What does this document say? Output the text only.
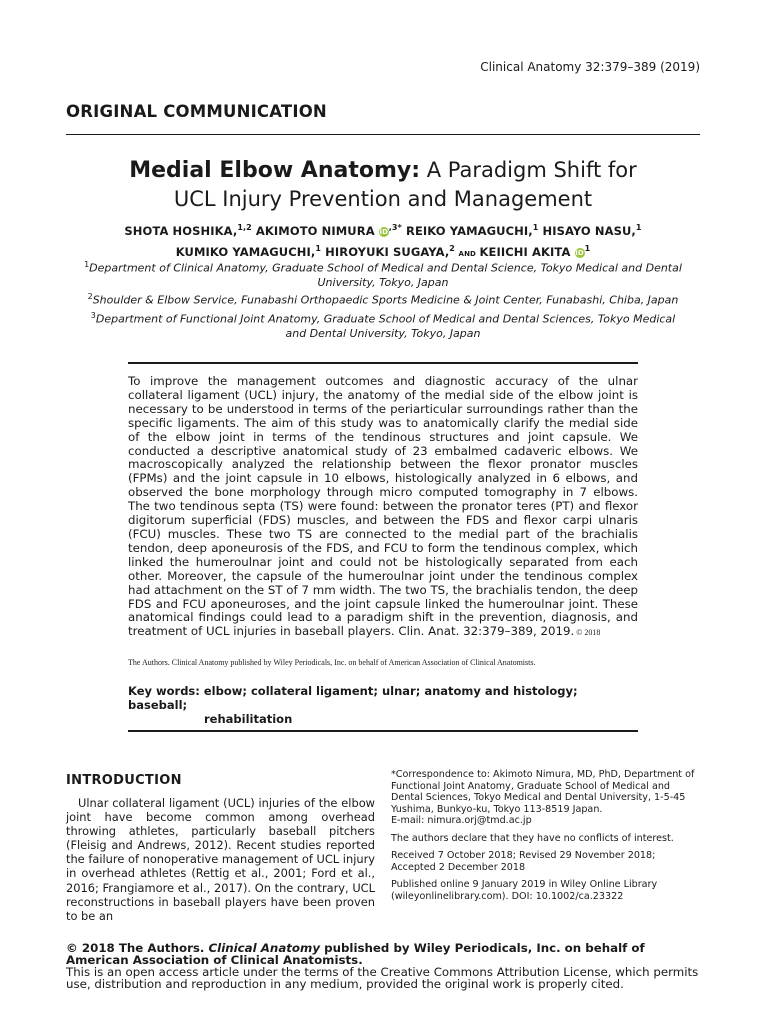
Clinical Anatomy 32:379–389 (2019)
ORIGINAL COMMUNICATION
Medial Elbow Anatomy: A Paradigm Shift for
UCL Injury Prevention and Management
SHOTA HOSHIKA,$^{1,2}$ AKIMOTO NIMURA $iD^{,3*}$ REIKO YAMAGUCHI,$^1$ HISAYO NASU,$^1$
KUMIKO YAMAGUCHI,$^1$ HIROYUKI SUGAYA,$^2$ and KEIICHI AKITA $iD^1$
$^1$Department of Clinical Anatomy, Graduate School of Medical and Dental Science, Tokyo Medical and Dental University, Tokyo, Japan
$^2$Shoulder & Elbow Service, Funabashi Orthopaedic Sports Medicine & Joint Center, Funabashi, Chiba, Japan
$^3$Department of Functional Joint Anatomy, Graduate School of Medical and Dental Sciences, Tokyo Medical and Dental University, Tokyo, Japan
To improve the management outcomes and diagnostic accuracy of the ulnar collateral ligament (UCL) injury, the anatomy of the medial side of the elbow joint is necessary to be understood in terms of the periarticular surroundings rather than the specific ligaments. The aim of this study was to anatomically clarify the medial side of the elbow joint in terms of the tendinous structures and joint capsule. We conducted a descriptive anatomical study of 23 embalmed cadaveric elbows. We macroscopically analyzed the relationship between the flexor pronator muscles (FPMs) and the joint capsule in 10 elbows, histologically analyzed in 6 elbows, and observed the bone morphology through micro computed tomography in 7 elbows. The two tendinous septa (TS) were found: between the pronator teres (PT) and flexor digitorum superficial (FDS) muscles, and between the FDS and flexor carpi ulnaris (FCU) muscles. These two TS are connected to the medial part of the brachialis tendon, deep aponeurosis of the FDS, and FCU to form the tendinous complex, which linked the humeroulnar joint and could not be histologically separated from each other. Moreover, the capsule of the humeroulnar joint under the tendinous complex had attachment on the ST of 7 mm width. The two TS, the brachialis tendon, the deep FDS and FCU aponeuroses, and the joint capsule linked the humeroulnar joint. These anatomical findings could lead to a paradigm shift in the prevention, diagnosis, and treatment of UCL injuries in baseball players. Clin. Anat. 32:379–389, 2019. © 2018
The Authors. Clinical Anatomy published by Wiley Periodicals, Inc. on behalf of American Association of Clinical Anatomists.
Key words: elbow; collateral ligament; ulnar; anatomy and histology; baseball;
rehabilitation
INTRODUCTION
Ulnar collateral ligament (UCL) injuries of the elbow joint have become common among overhead throwing athletes, particularly baseball pitchers (Fleisig and Andrews, 2012). Recent studies reported the failure of nonoperative management of UCL injury in overhead athletes (Rettig et al., 2001; Ford et al., 2016; Frangiamore et al., 2017). On the contrary, UCL reconstructions in baseball players have been proven to be an

*Correspondence to: Akimoto Nimura, MD, PhD, Department of Functional Joint Anatomy, Graduate School of Medical and Dental Sciences, Tokyo Medical and Dental University, 1-5-45 Yushima, Bunkyo-ku, Tokyo 113-8519 Japan.
E-mail: nimura.orj@tmd.ac.jp

The authors declare that they have no conflicts of interest.

Received 7 October 2018; Revised 29 November 2018; Accepted 2 December 2018

Published online 9 January 2019 in Wiley Online Library (wileyonlinelibrary.com). DOI: 10.1002/ca.23322

© 2018 The Authors. Clinical Anatomy published by Wiley Periodicals, Inc. on behalf of American Association of Clinical Anatomists.
This is an open access article under the terms of the Creative Commons Attribution License, which permits use, distribution and reproduction in any medium, provided the original work is properly cited.
